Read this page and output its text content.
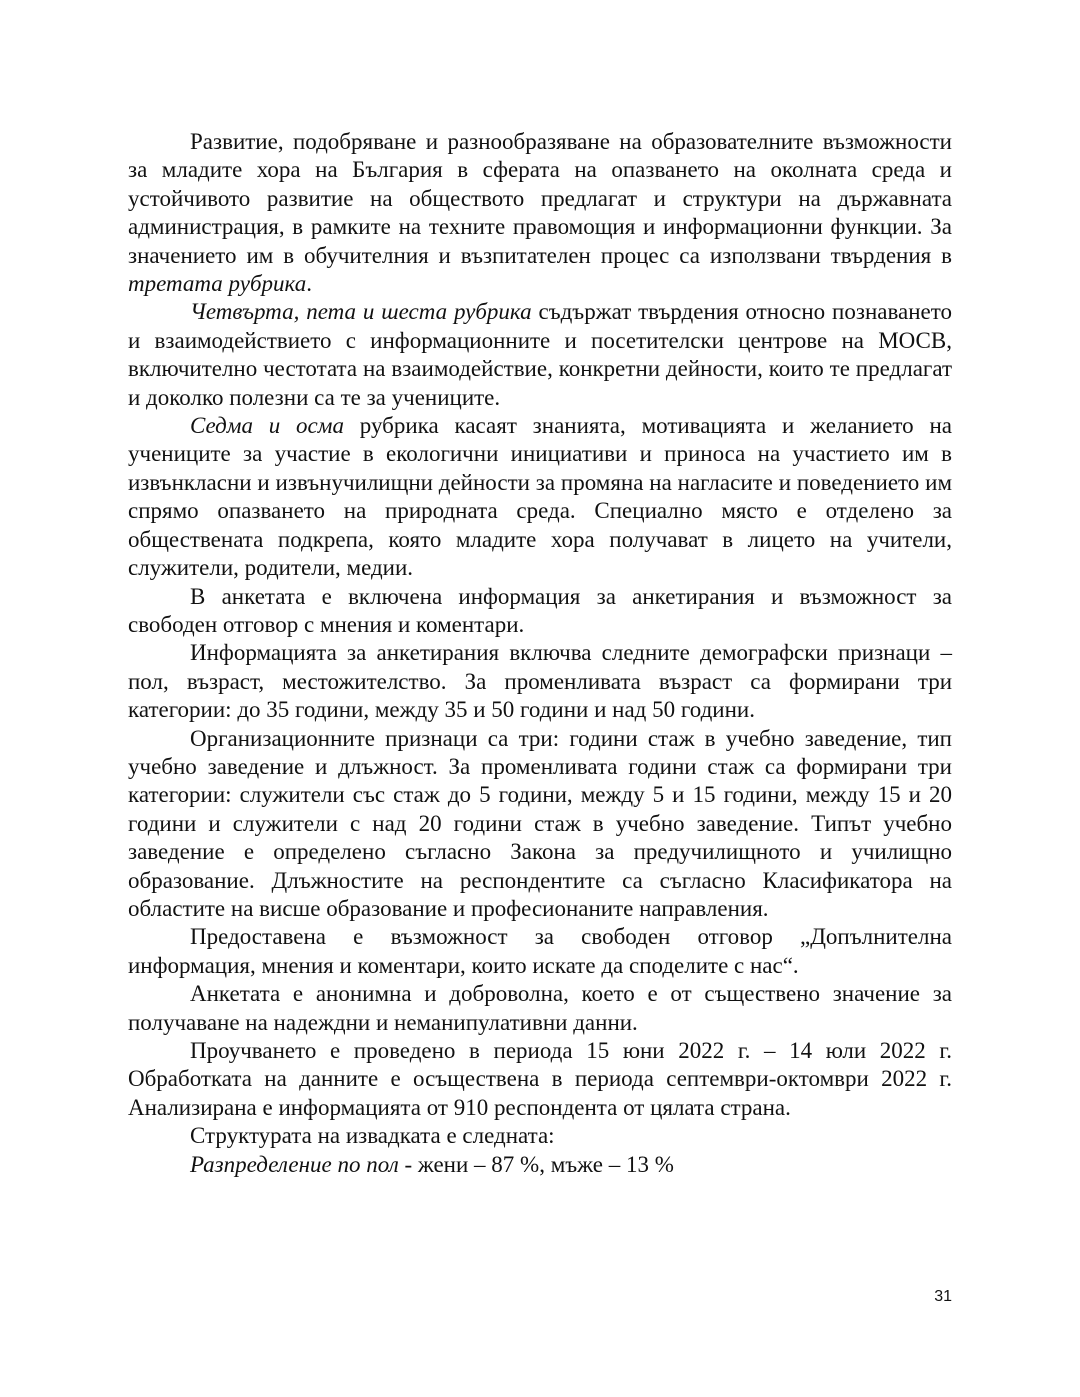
Развитие, подобряване и разнообразяване на образователните възможности за младите хора на България в сферата на опазването на околната среда и устойчивото развитие на обществото предлагат и структури на държавната администрация, в рамките на техните правомощия и информационни функции. За значението им в обучителния и възпитателен процес са използвани твърдения в третата рубрика.

Четвърта, пета и шеста рубрика съдържат твърдения относно познаването и взаимодействието с информационните и посетителски центрове на МОСВ, включително честотата на взаимодействие, конкретни дейности, които те предлагат и доколко полезни са те за учениците.

Седма и осма рубрика касаят знанията, мотивацията и желанието на учениците за участие в екологични инициативи и приноса на участието им в извънкласни и извънучилищни дейности за промяна на нагласите и поведението им спрямо опазването на природната среда. Специално място е отделено за обществената подкрепа, която младите хора получават в лицето на учители, служители, родители, медии.

В анкетата е включена информация за анкетирания и възможност за свободен отговор с мнения и коментари.

Информацията за анкетирания включва следните демографски признаци – пол, възраст, местожителство. За променливата възраст са формирани три категории: до 35 години, между 35 и 50 години и над 50 години.

Организационните признаци са три: години стаж в учебно заведение, тип учебно заведение и длъжност. За променливата години стаж са формирани три категории: служители със стаж до 5 години, между 5 и 15 години, между 15 и 20 години и служители с над 20 години стаж в учебно заведение. Типът учебно заведение е определено съгласно Закона за предучилищното и училищно образование. Длъжностите на респондентите са съгласно Класификатора на областите на висше образование и професионаните направления.

Предоставена е възможност за свободен отговор „Допълнителна информация, мнения и коментари, които искате да споделите с нас“.

Анкетата е анонимна и доброволна, което е от съществено значение за получаване на надеждни и неманипулативни данни.

Проучването е проведено в периода 15 юни 2022 г. – 14 юли 2022 г. Обработката на данните е осъществена в периода септември-октомври 2022 г. Анализирана е информацията от 910 респондента от цялата страна.

Структурата на извадката е следната:

Разпределение по пол - жени – 87 %, мъже – 13 %

31
